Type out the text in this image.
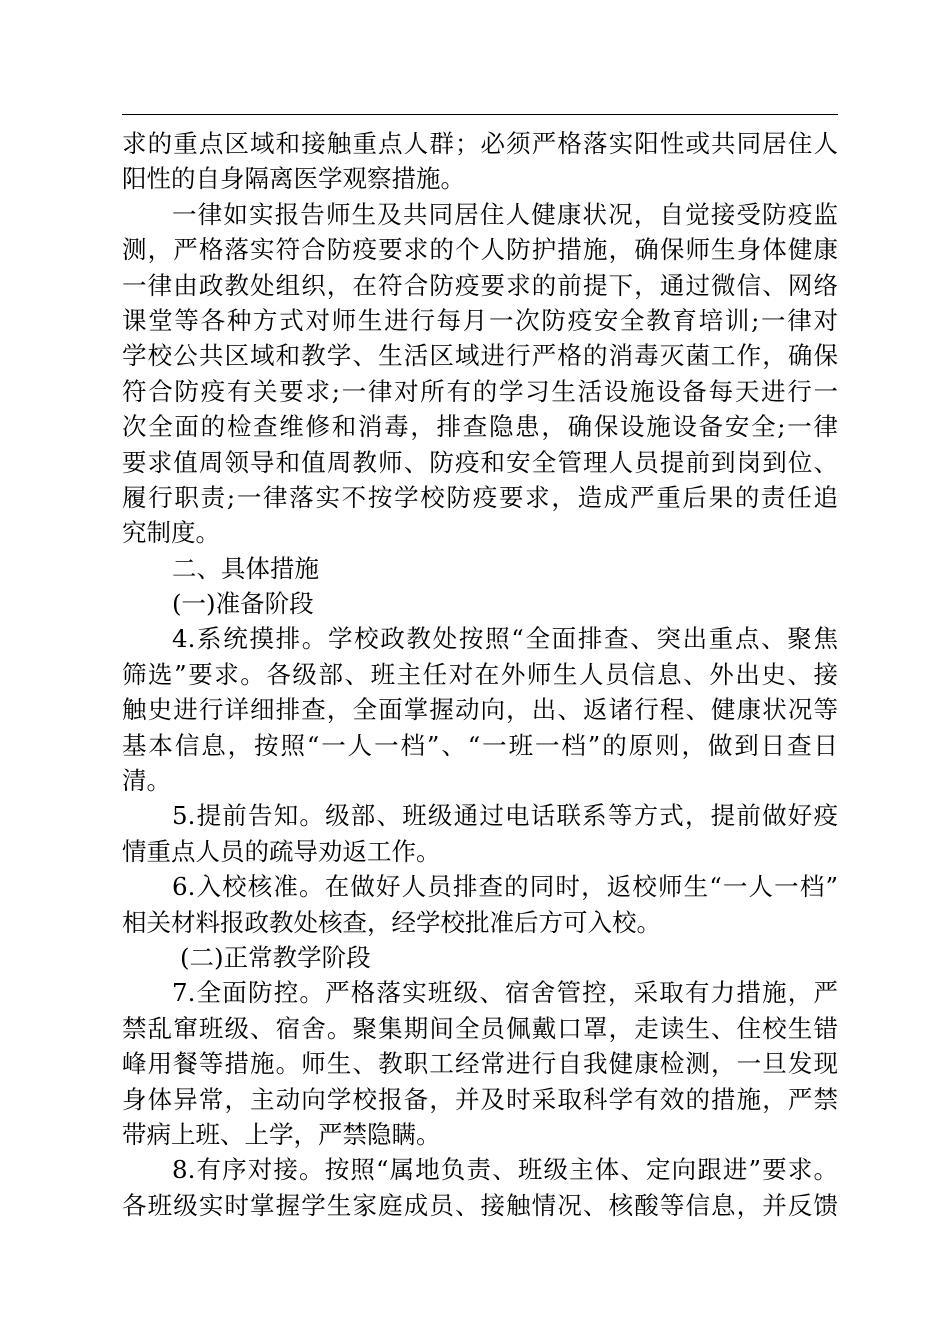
求的重点区域和接触重点人群；必须严格落实阳性或共同居住人
阳性的自身隔离医学观察措施。
一律如实报告师生及共同居住人健康状况，自觉接受防疫监
测，严格落实符合防疫要求的个人防护措施，确保师生身体健康
一律由政教处组织，在符合防疫要求的前提下，通过微信、网络
课堂等各种方式对师生进行每月一次防疫安全教育培训;一律对
学校公共区域和教学、生活区域进行严格的消毒灭菌工作，确保
符合防疫有关要求;一律对所有的学习生活设施设备每天进行一
次全面的检查维修和消毒，排查隐患，确保设施设备安全;一律
要求值周领导和值周教师、防疫和安全管理人员提前到岗到位、
履行职责;一律落实不按学校防疫要求，造成严重后果的责任追
究制度。
二、具体措施
(一)准备阶段
4.系统摸排。学校政教处按照“全面排查、突出重点、聚焦
筛选”要求。各级部、班主任对在外师生人员信息、外出史、接
触史进行详细排查，全面掌握动向，出、返诸行程、健康状况等
基本信息，按照“一人一档”、“一班一档”的原则，做到日查日
清。
5.提前告知。级部、班级通过电话联系等方式，提前做好疫
情重点人员的疏导劝返工作。
6.入校核准。在做好人员排查的同时，返校师生“一人一档”
相关材料报政教处核查，经学校批准后方可入校。
(二)正常教学阶段
7.全面防控。严格落实班级、宿舍管控，采取有力措施，严
禁乱窜班级、宿舍。聚集期间全员佩戴口罩，走读生、住校生错
峰用餐等措施。师生、教职工经常进行自我健康检测，一旦发现
身体异常，主动向学校报备，并及时采取科学有效的措施，严禁
带病上班、上学，严禁隐瞒。
8.有序对接。按照“属地负责、班级主体、定向跟进”要求。
各班级实时掌握学生家庭成员、接触情况、核酸等信息，并反馈
